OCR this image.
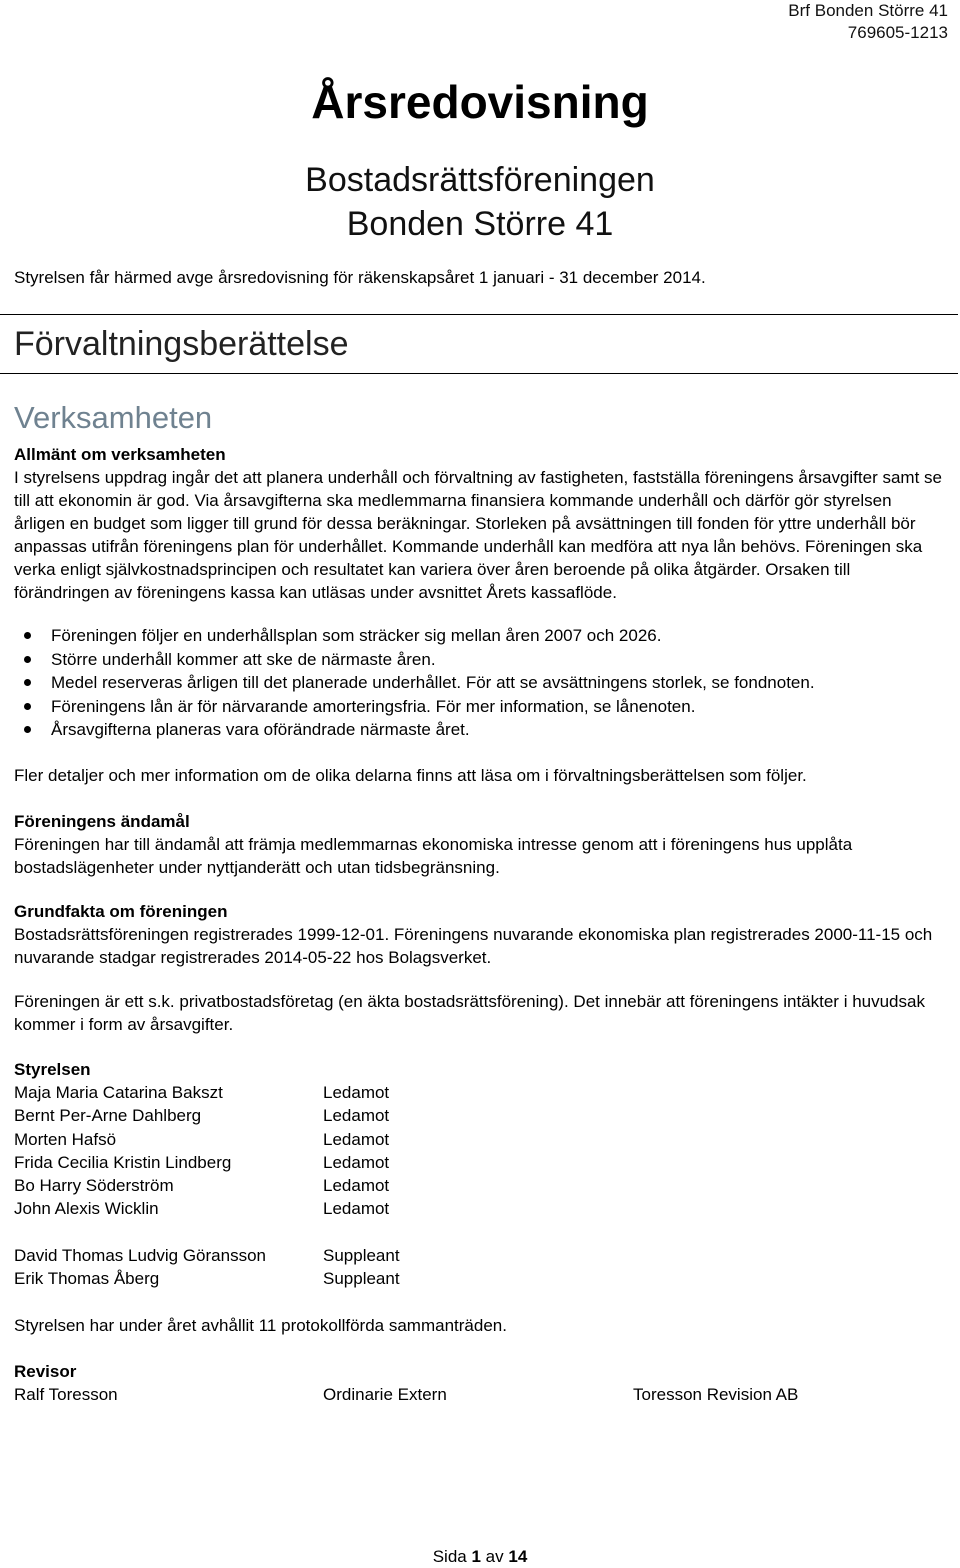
Brf Bonden Större 41
769605-1213
Årsredovisning
Bostadsrättsföreningen
Bonden Större 41
Styrelsen får härmed avge årsredovisning för räkenskapsåret 1 januari - 31 december 2014.
Förvaltningsberättelse
Verksamheten
Allmänt om verksamheten

I styrelsens uppdrag ingår det att planera underhåll och förvaltning av fastigheten, fastställa föreningens årsavgifter samt se till att ekonomin är god. Via årsavgifterna ska medlemmarna finansiera kommande underhåll och därför gör styrelsen årligen en budget som ligger till grund för dessa beräkningar. Storleken på avsättningen till fonden för yttre underhåll bör anpassas utifrån föreningens plan för underhållet. Kommande underhåll kan medföra att nya lån behövs. Föreningen ska verka enligt självkostnadsprincipen och resultatet kan variera över åren beroende på olika åtgärder. Orsaken till förändringen av föreningens kassa kan utläsas under avsnittet Årets kassaflöde.

Föreningen följer en underhållsplan som sträcker sig mellan åren 2007 och 2026.
Större underhåll kommer att ske de närmaste åren.
Medel reserveras årligen till det planerade underhållet. För att se avsättningens storlek, se fondnoten.
Föreningens lån är för närvarande amorteringsfria. För mer information, se lånenoten.
Årsavgifterna planeras vara oförändrade närmaste året.
Fler detaljer och mer information om de olika delarna finns att läsa om i förvaltningsberättelsen som följer.
Föreningens ändamål

Föreningen har till ändamål att främja medlemmarnas ekonomiska intresse genom att i föreningens hus upplåta bostadslägenheter under nyttjanderätt och utan tidsbegränsning.

Grundfakta om föreningen

Bostadsrättsföreningen registrerades 1999-12-01. Föreningens nuvarande ekonomiska plan registrerades 2000-11-15 och nuvarande stadgar registrerades 2014-05-22 hos Bolagsverket.

Föreningen är ett s.k. privatbostadsföretag (en äkta bostadsrättsförening). Det innebär att föreningens intäkter i huvudsak kommer i form av årsavgifter.
Styrelsen
Maja Maria Catarina Bakszt	Ledamot
Bernt Per-Arne Dahlberg	Ledamot
Morten Hafsö	Ledamot
Frida Cecilia Kristin Lindberg	Ledamot
Bo Harry Söderström	Ledamot
John Alexis Wicklin	Ledamot
David Thomas Ludvig Göransson	Suppleant
Erik Thomas Åberg	Suppleant
Styrelsen har under året avhållit 11 protokollförda sammanträden.
Revisor
Ralf Toresson	Ordinarie Extern	Toresson Revision AB
Sida 1 av 14
